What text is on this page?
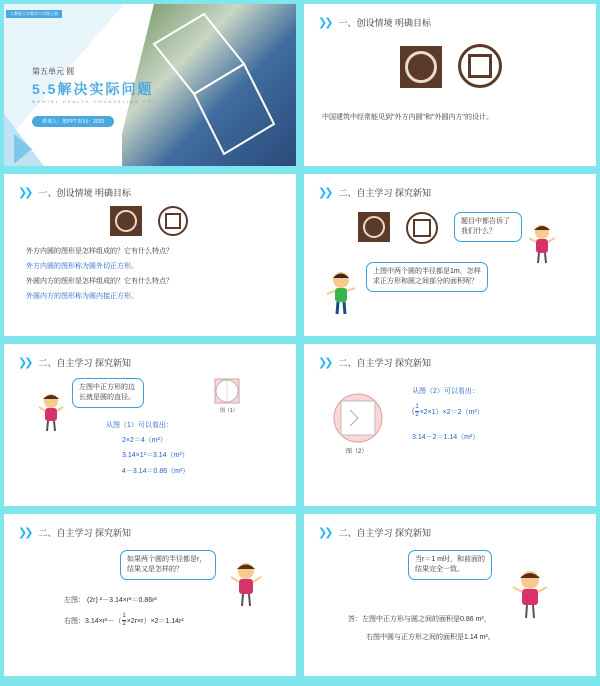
人教版小学数学六年级上册
第五单元 圆
5.5解决实际问题
MENTAL HEALTH COUNSELING PPT
讲课人：墨PPT 时间：2020
❯❯ 一、创设情境 明确目标
中国建筑中经常能见到"外方内圆"和"外圆内方"的设计。
❯❯ 一、创设情境 明确目标
外方内圆的图形是怎样组成的？它有什么特点？
外方内圆的图形称为圆外切正方形。
外圆内方的图形是怎样组成的？它有什么特点？
外圆内方的图形称为圆内接正方形。
❯❯ 二、自主学习 探究新知
题目中都告诉了我们什么？
上图中两个圆的半径都是1m，怎样求正方形和圆之间部分的面积呢？
❯❯ 二、自主学习 探究新知
左图中正方形的边长就是圆的直径。
图（1）
从图（1）可以看出：
2×2＝4（m²）
3.14×1²＝3.14（m²）
4－3.14＝0.86（m²）
❯❯ 二、自主学习 探究新知
图（2）
从图（2）可以看出：
( $\frac{1}{2} \times 2\times 1)\times 2=2(m^2)$
3.14－2＝1.14（m²）
❯❯ 二、自主学习 探究新知
如果两个圆的半径都是r，结果又是怎样的？
左图： (2r) ²－3.14×r²＝0.86r²
右图：$3.14\times r^2-( \frac{1}{2} \times 2r\times r)\times 2=1.14r^2$
❯❯ 二、自主学习 探究新知
当r＝1 m时，和前面的结果完全一致。
答：左图中正方形与圆之间的面积是0.86 m²，
右图中圆与正方形之间的面积是1.14 m²。
